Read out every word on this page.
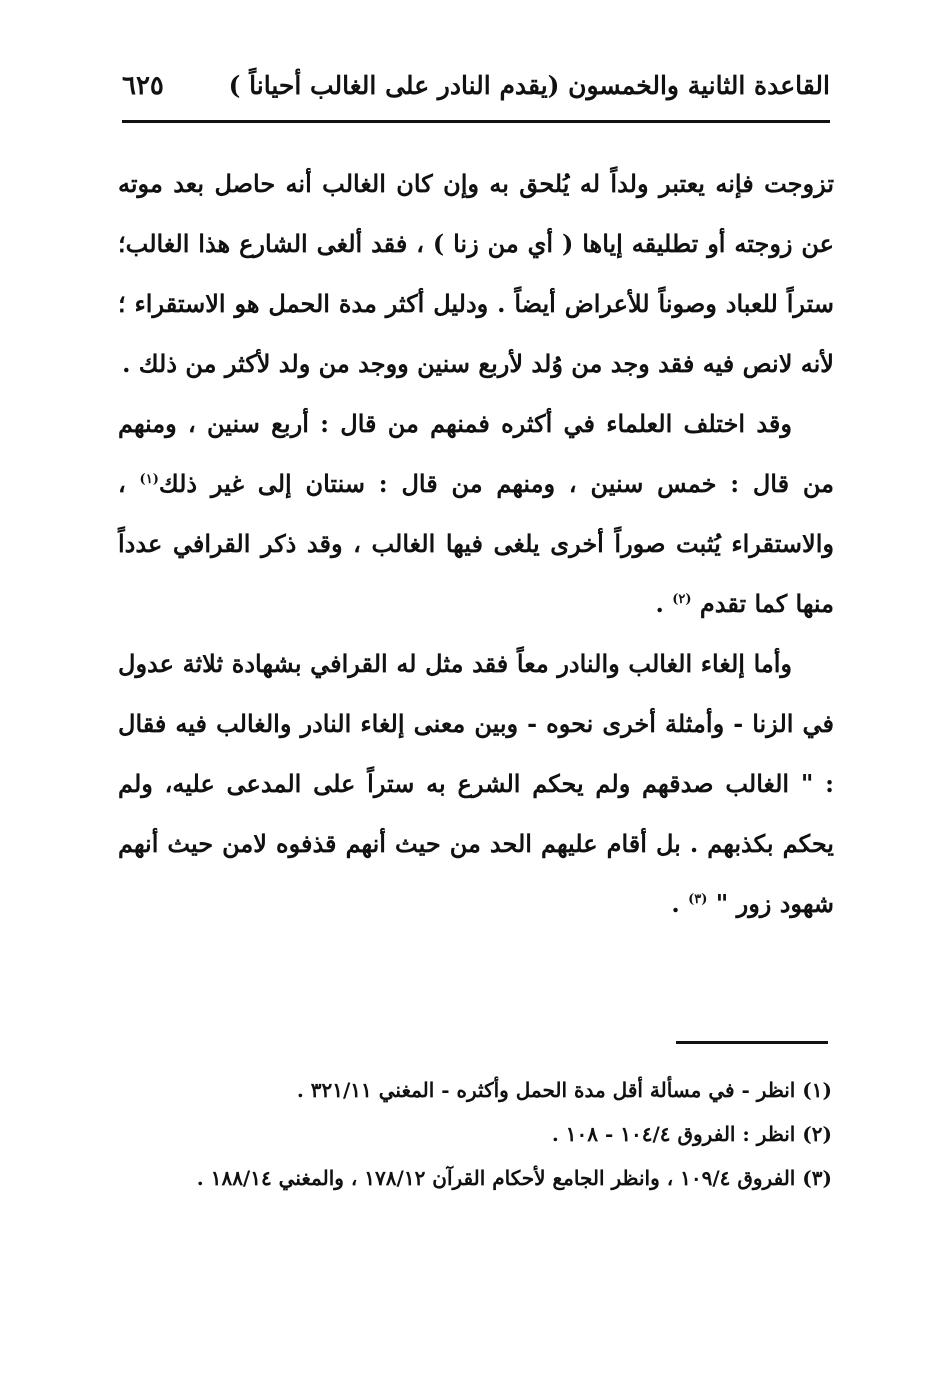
القاعدة الثانية والخمسون (يقدم النادر على الغالب أحياناً )
٦٢٥

تزوجت فإنه يعتبر ولداً له يُلحق به وإن كان الغالب أنه حاصل بعد موته عن زوجته أو تطليقه إياها ( أي من زنا ) ، فقد ألغى الشارع هذا الغالب؛ ستراً للعباد وصوناً للأعراض أيضاً . ودليل أكثر مدة الحمل هو الاستقراء ؛ لأنه لانص فيه فقد وجد من وُلد لأربع سنين ووجد من ولد لأكثر من ذلك .

وقد اختلف العلماء في أكثره فمنهم من قال : أربع سنين ، ومنهم من قال : خمس سنين ، ومنهم من قال : سنتان إلى غير ذلك$^{(١)}$ ، والاستقراء يُثبت صوراً أخرى يلغى فيها الغالب ، وقد ذكر القرافي عدداً منها كما تقدم $^{(٢)}$ .

وأما إلغاء الغالب والنادر معاً فقد مثل له القرافي بشهادة ثلاثة عدول في الزنا - وأمثلة أخرى نحوه - وبين معنى إلغاء النادر والغالب فيه فقال : " الغالب صدقهم ولم يحكم الشرع به ستراً على المدعى عليه، ولم يحكم بكذبهم . بل أقام عليهم الحد من حيث أنهم قذفوه لامن حيث أنهم شهود زور " $^{(٣)}$ .

(١) انظر - في مسألة أقل مدة الحمل وأكثره - المغني ٣٢١/١١ .

(٢) انظر : الفروق ١٠٤/٤ - ١٠٨ .

(٣) الفروق ١٠٩/٤ ، وانظر الجامع لأحكام القرآن ١٧٨/١٢ ، والمغني ١٨٨/١٤ .
